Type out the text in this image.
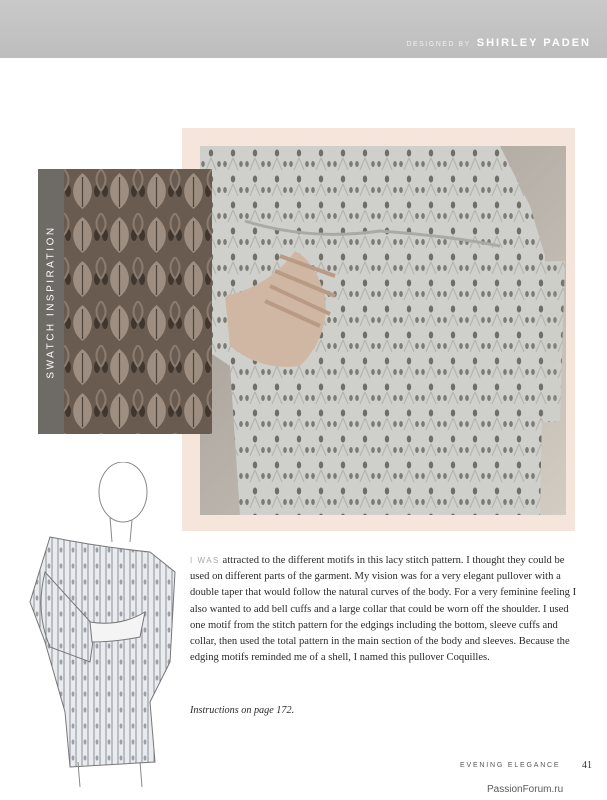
DESIGNED BY SHIRLEY PADEN
SWATCH INSPIRATION
I WAS attracted to the different motifs in this lacy stitch pattern. I thought they could be used on different parts of the garment. My vision was for a very elegant pullover with a double taper that would follow the natural curves of the body. For a very feminine feeling I also wanted to add bell cuffs and a large collar that could be worn off the shoulder. I used one motif from the stitch pattern for the edgings including the bottom, sleeve cuffs and collar, then used the total pattern in the main section of the body and sleeves. Because the edging motifs reminded me of a shell, I named this pullover Coquilles.
Instructions on page 172.
EVENING ELEGANCE 41
PassionForum.ru
